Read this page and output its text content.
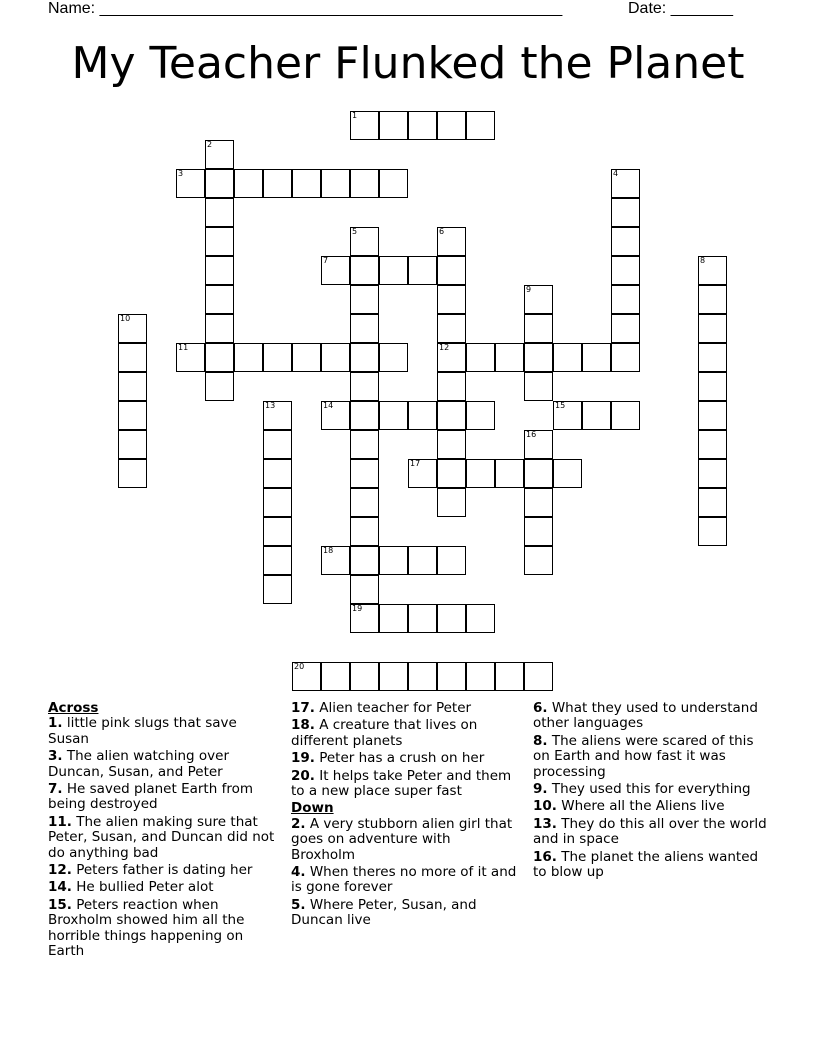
Name: ____________________________________________________	Date: _______
My Teacher Flunked the Planet
1
2
3	4
5
19
6
12
7	8
9
10
11
13	14	15
16
17
18
20
Across
1. little pink slugs that save Susan
3. The alien watching over Duncan, Susan, and Peter
7. He saved planet Earth from being destroyed
11. The alien making sure that Peter, Susan, and Duncan did not do anything bad
12. Peters father is dating her
14. He bullied Peter alot
15. Peters reaction when Broxholm showed him all the horrible things happening on Earth
17. Alien teacher for Peter
18. A creature that lives on different planets
19. Peter has a crush on her
20. It helps take Peter and them to a new place super fast
Down
2. A very stubborn alien girl that goes on adventure with Broxholm
4. When theres no more of it and is gone forever
5. Where Peter, Susan, and Duncan live
6. What they used to understand other languages
8. The aliens were scared of this on Earth and how fast it was processing
9. They used this for everything
10. Where all the Aliens live
13. They do this all over the world and in space
16. The planet the aliens wanted to blow up
